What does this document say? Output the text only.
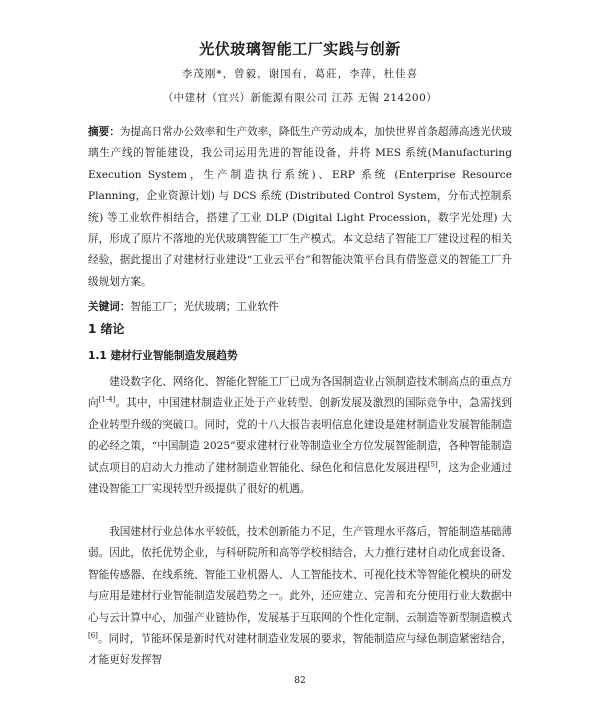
光伏玻璃智能工厂实践与创新
李茂刚*，曾毅，谢国有，葛莊，李萍，杜佳喜
（中建材（宜兴）新能源有限公司 江苏 无锡 214200）
摘要：为提高日常办公效率和生产效率，降低生产劳动成本，加快世界首条超薄高透光伏玻璃生产线的智能建设，我公司运用先进的智能设备，并将 MES 系统(Manufacturing Execution System，生产制造执行系统)、ERP 系统 (Enterprise Resource Planning，企业资源计划) 与 DCS 系统 (Distributed Control System，分布式控制系统) 等工业软件相结合，搭建了工业 DLP (Digital Light Procession，数字光处理) 大屏，形成了原片不落地的光伏玻璃智能工厂生产模式。本文总结了智能工厂建设过程的相关经验，据此提出了对建材行业建设“工业云平台”和智能决策平台具有借鉴意义的智能工厂升级规划方案。
关键词：智能工厂；光伏玻璃；工业软件
1 绪论
1.1 建材行业智能制造发展趋势
建设数字化、网络化、智能化智能工厂已成为各国制造业占领制造技术制高点的重点方向[1-4]。其中，中国建材制造业正处于产业转型、创新发展及激烈的国际竞争中，急需找到企业转型升级的突破口。同时，党的十八大报告表明信息化建设是建材制造业发展智能制造的必经之策，“中国制造 2025”要求建材行业等制造业全方位发展智能制造，各种智能制造试点项目的启动大力推动了建材制造业智能化、绿色化和信息化发展进程[5]，这为企业通过建设智能工厂实现转型升级提供了很好的机遇。
我国建材行业总体水平较低，技术创新能力不足，生产管理水平落后，智能制造基础薄弱。因此，依托优势企业，与科研院所和高等学校相结合，大力推行建材自动化成套设备、智能传感器、在线系统、智能工业机器人、人工智能技术、可视化技术等智能化模块的研发与应用是建材行业智能制造发展趋势之一。此外，还应建立、完善和充分使用行业大数据中心与云计算中心，加强产业链协作，发展基于互联网的个性化定制、云制造等新型制造模式[6]。同时，节能环保是新时代对建材制造业发展的要求，智能制造应与绿色制造紧密结合，才能更好发挥智
82
